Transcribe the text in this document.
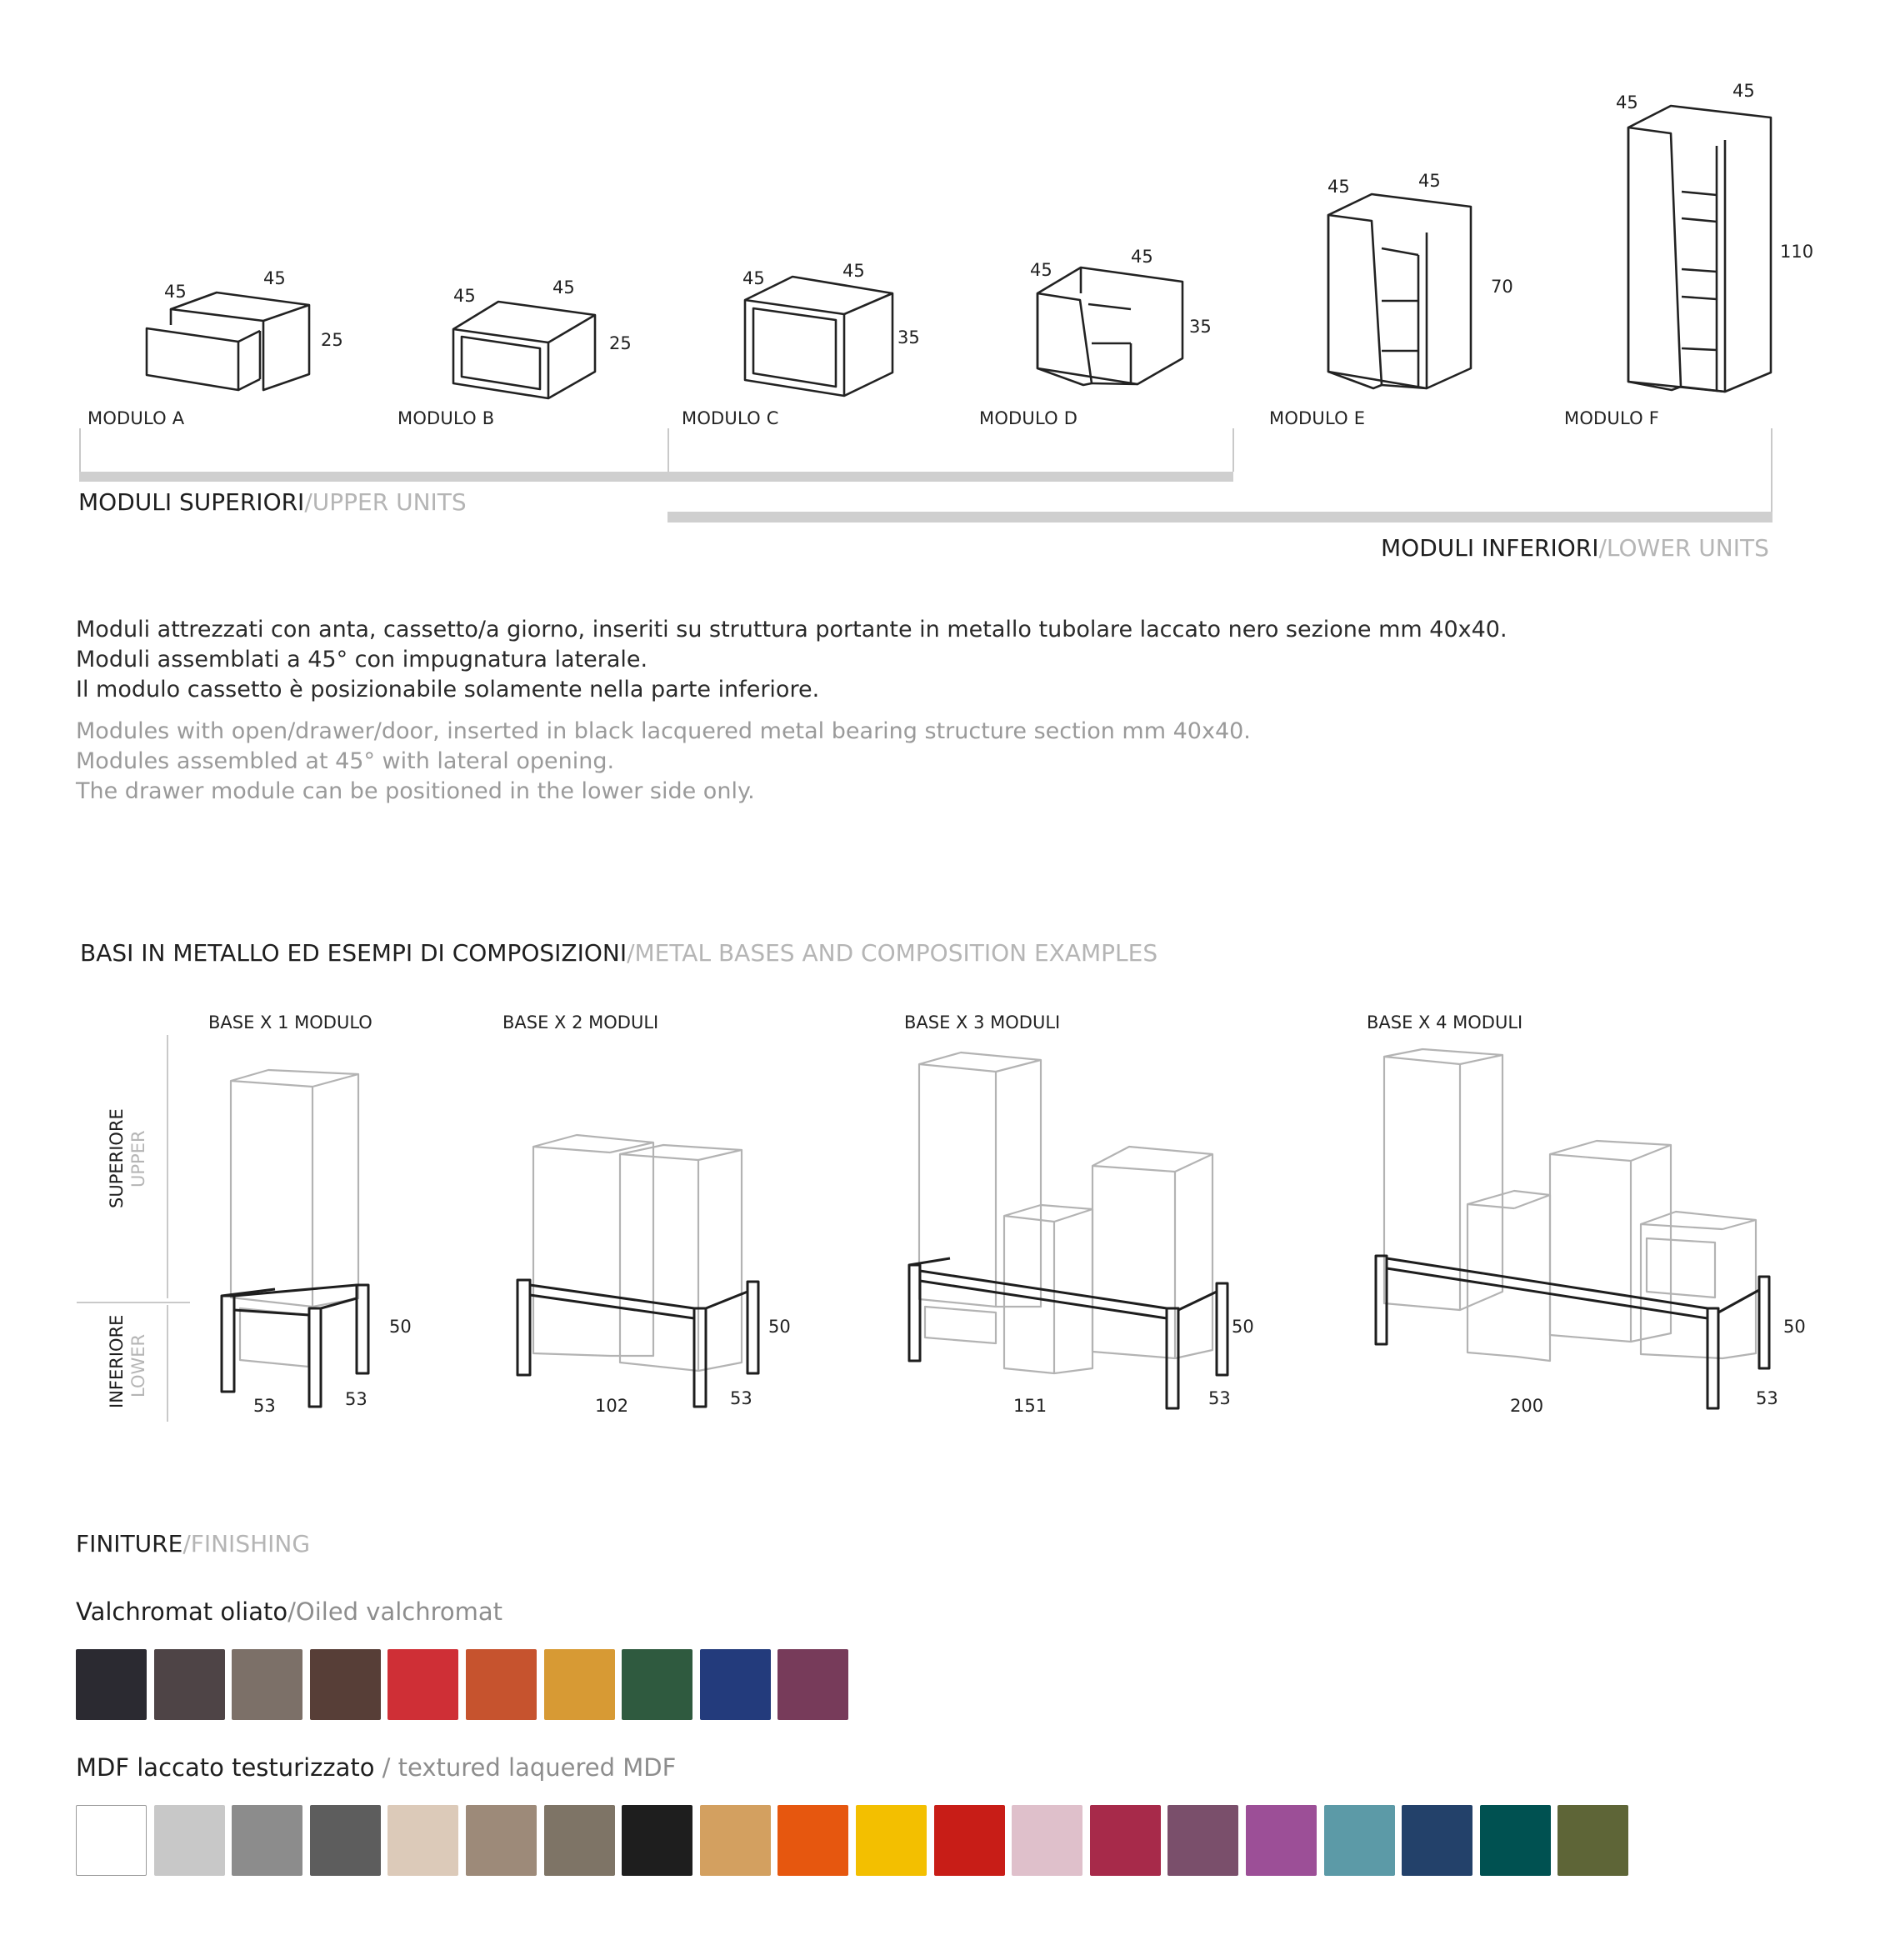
45
45
25
45	45
25
45	45
35
45
45
35
45	45
70
45
45
110
MODULO A	MODULO B	MODULO C	MODULO D	MODULO E	MODULO F
MODULI SUPERIORI/UPPER UNITS
MODULI INFERIORI/LOWER UNITS
Moduli attrezzati con anta, cassetto/a giorno, inseriti su struttura portante in metallo tubolare laccato nero sezione mm 40x40.
Moduli assemblati a 45° con impugnatura laterale.
Il modulo cassetto è posizionabile solamente nella parte inferiore.
Modules with open/drawer/door, inserted in black lacquered metal bearing structure section mm 40x40.
Modules assembled at 45° with lateral opening.
The drawer module can be positioned in the lower side only.
BASI IN METALLO ED ESEMPI DI COMPOSIZIONI/METAL BASES AND COMPOSITION EXAMPLES
SUPERIORE UPPER
INFERIORE LOWER
BASE X 1 MODULO	BASE X 2 MODULI	BASE X 3 MODULI	BASE X 4 MODULI
53	53
50
102	53
50
151	53
50
200	53
50
FINITURE/FINISHING
Valchromat oliato/Oiled valchromat
MDF laccato testurizzato / textured laquered MDF
